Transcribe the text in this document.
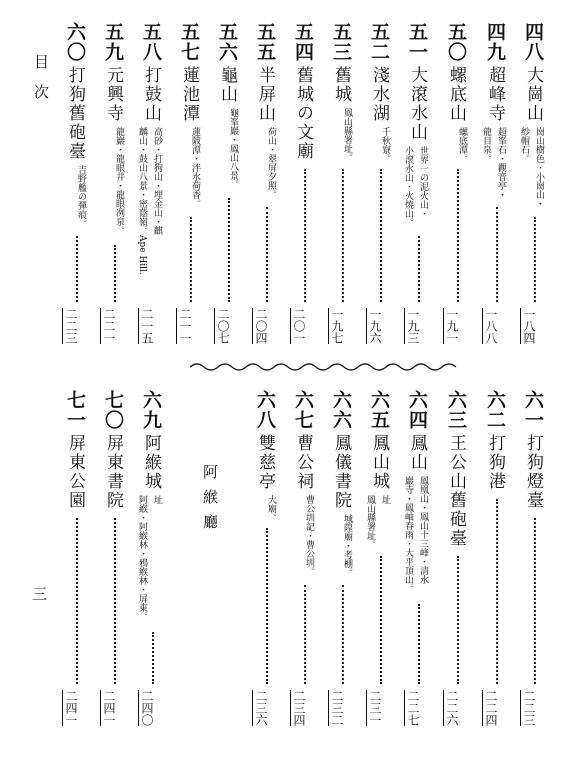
目　次
三
四八
大崗山
崗山樹色・小崗山・
紗帽石。
一八四
四九
超峰寺
超峯石・觀音亭・
龍目泉。
一八八
五〇
螺底山
螺底潭。
一九一
五一
大滾水山
世界一の泥火山・
小滾水山・火燒山。
一九三
五二
淺水湖
千秋寮。
一九六
五三
舊城
鳳山縣署址。
一九七
五四
舊城の文廟
二〇一
五五
半屏山
荷山・翠屏夕照。
二〇四
五六
龜山
龜峯巖・鳳山八景。
二〇七
五七
蓮池潭
蓮陂潭・泮水荷香。
二一一
五八
打鼓山
高砂・打狗山・埋金山・麒
麟山・鼓山八景・密蔭嶺。Ape Hill.
二一五
五九
元興寺
龍巖・龍眼井・龍眼冽泉。
二二一
六〇
打狗舊砲臺
吉野艦の彈痕。
二二三
六一
打狗燈臺
二二三
六二
打狗港
二二四
六三
王公山舊砲臺
二二六
六四
鳳山
鳳凰山・鳳山十三峰・清水
巖寺・鳳岫春雨・大平頂山。
二二七
六五
鳳山城
址
鳳山縣署址。
二三一
六六
鳳儀書院
城隍廟・考棚。
二三二
六七
曹公祠
曹公圳記・曹公圳。
二三四
六八
雙慈亭
大廟。
二三六
六九
阿緱城
址
阿緱・阿緱林・鴉緱林・屏東。
二四〇
七〇
屏東書院
二四一
七一
屏東公園
二四一
阿緱廳
